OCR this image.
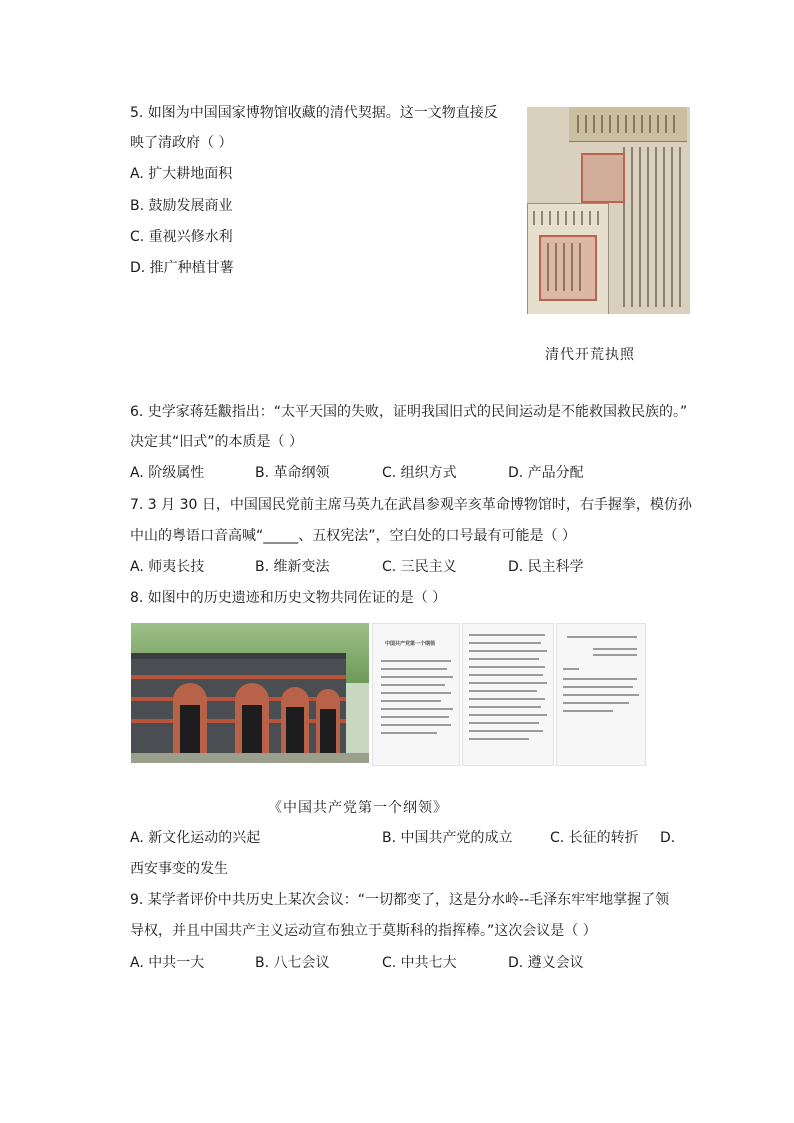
5. 如图为中国国家博物馆收藏的清代契据。这一文物直接反
映了清政府（ ）
A. 扩大耕地面积
B. 鼓励发展商业
C. 重视兴修水利
D. 推广种植甘薯
清代开荒执照
6. 史学家蒋廷黻指出：“太平天国的失败，证明我国旧式的民间运动是不能救国救民族的。”
决定其“旧式”的本质是（ ）
A. 阶级属性	B. 革命纲领	C. 组织方式	D. 产品分配
7. 3 月 30 日，中国国民党前主席马英九在武昌参观辛亥革命博物馆时，右手握拳，模仿孙
中山的粤语口音高喊“_____、五权宪法”，空白处的口号最有可能是（ ）
A. 师夷长技	B. 维新变法	C. 三民主义	D. 民主科学
8. 如图中的历史遗迹和历史文物共同佐证的是（ ）
中国共产党第一个纲领
《中国共产党第一个纲领》
A. 新文化运动的兴起	B. 中国共产党的成立	C. 长征的转折 D.
西安事变的发生
9. 某学者评价中共历史上某次会议：“一切都变了，这是分水岭--毛泽东牢牢地掌握了领
导权，并且中国共产主义运动宣布独立于莫斯科的指挥棒。”这次会议是（ ）
A. 中共一大	B. 八七会议	C. 中共七大	D. 遵义会议
